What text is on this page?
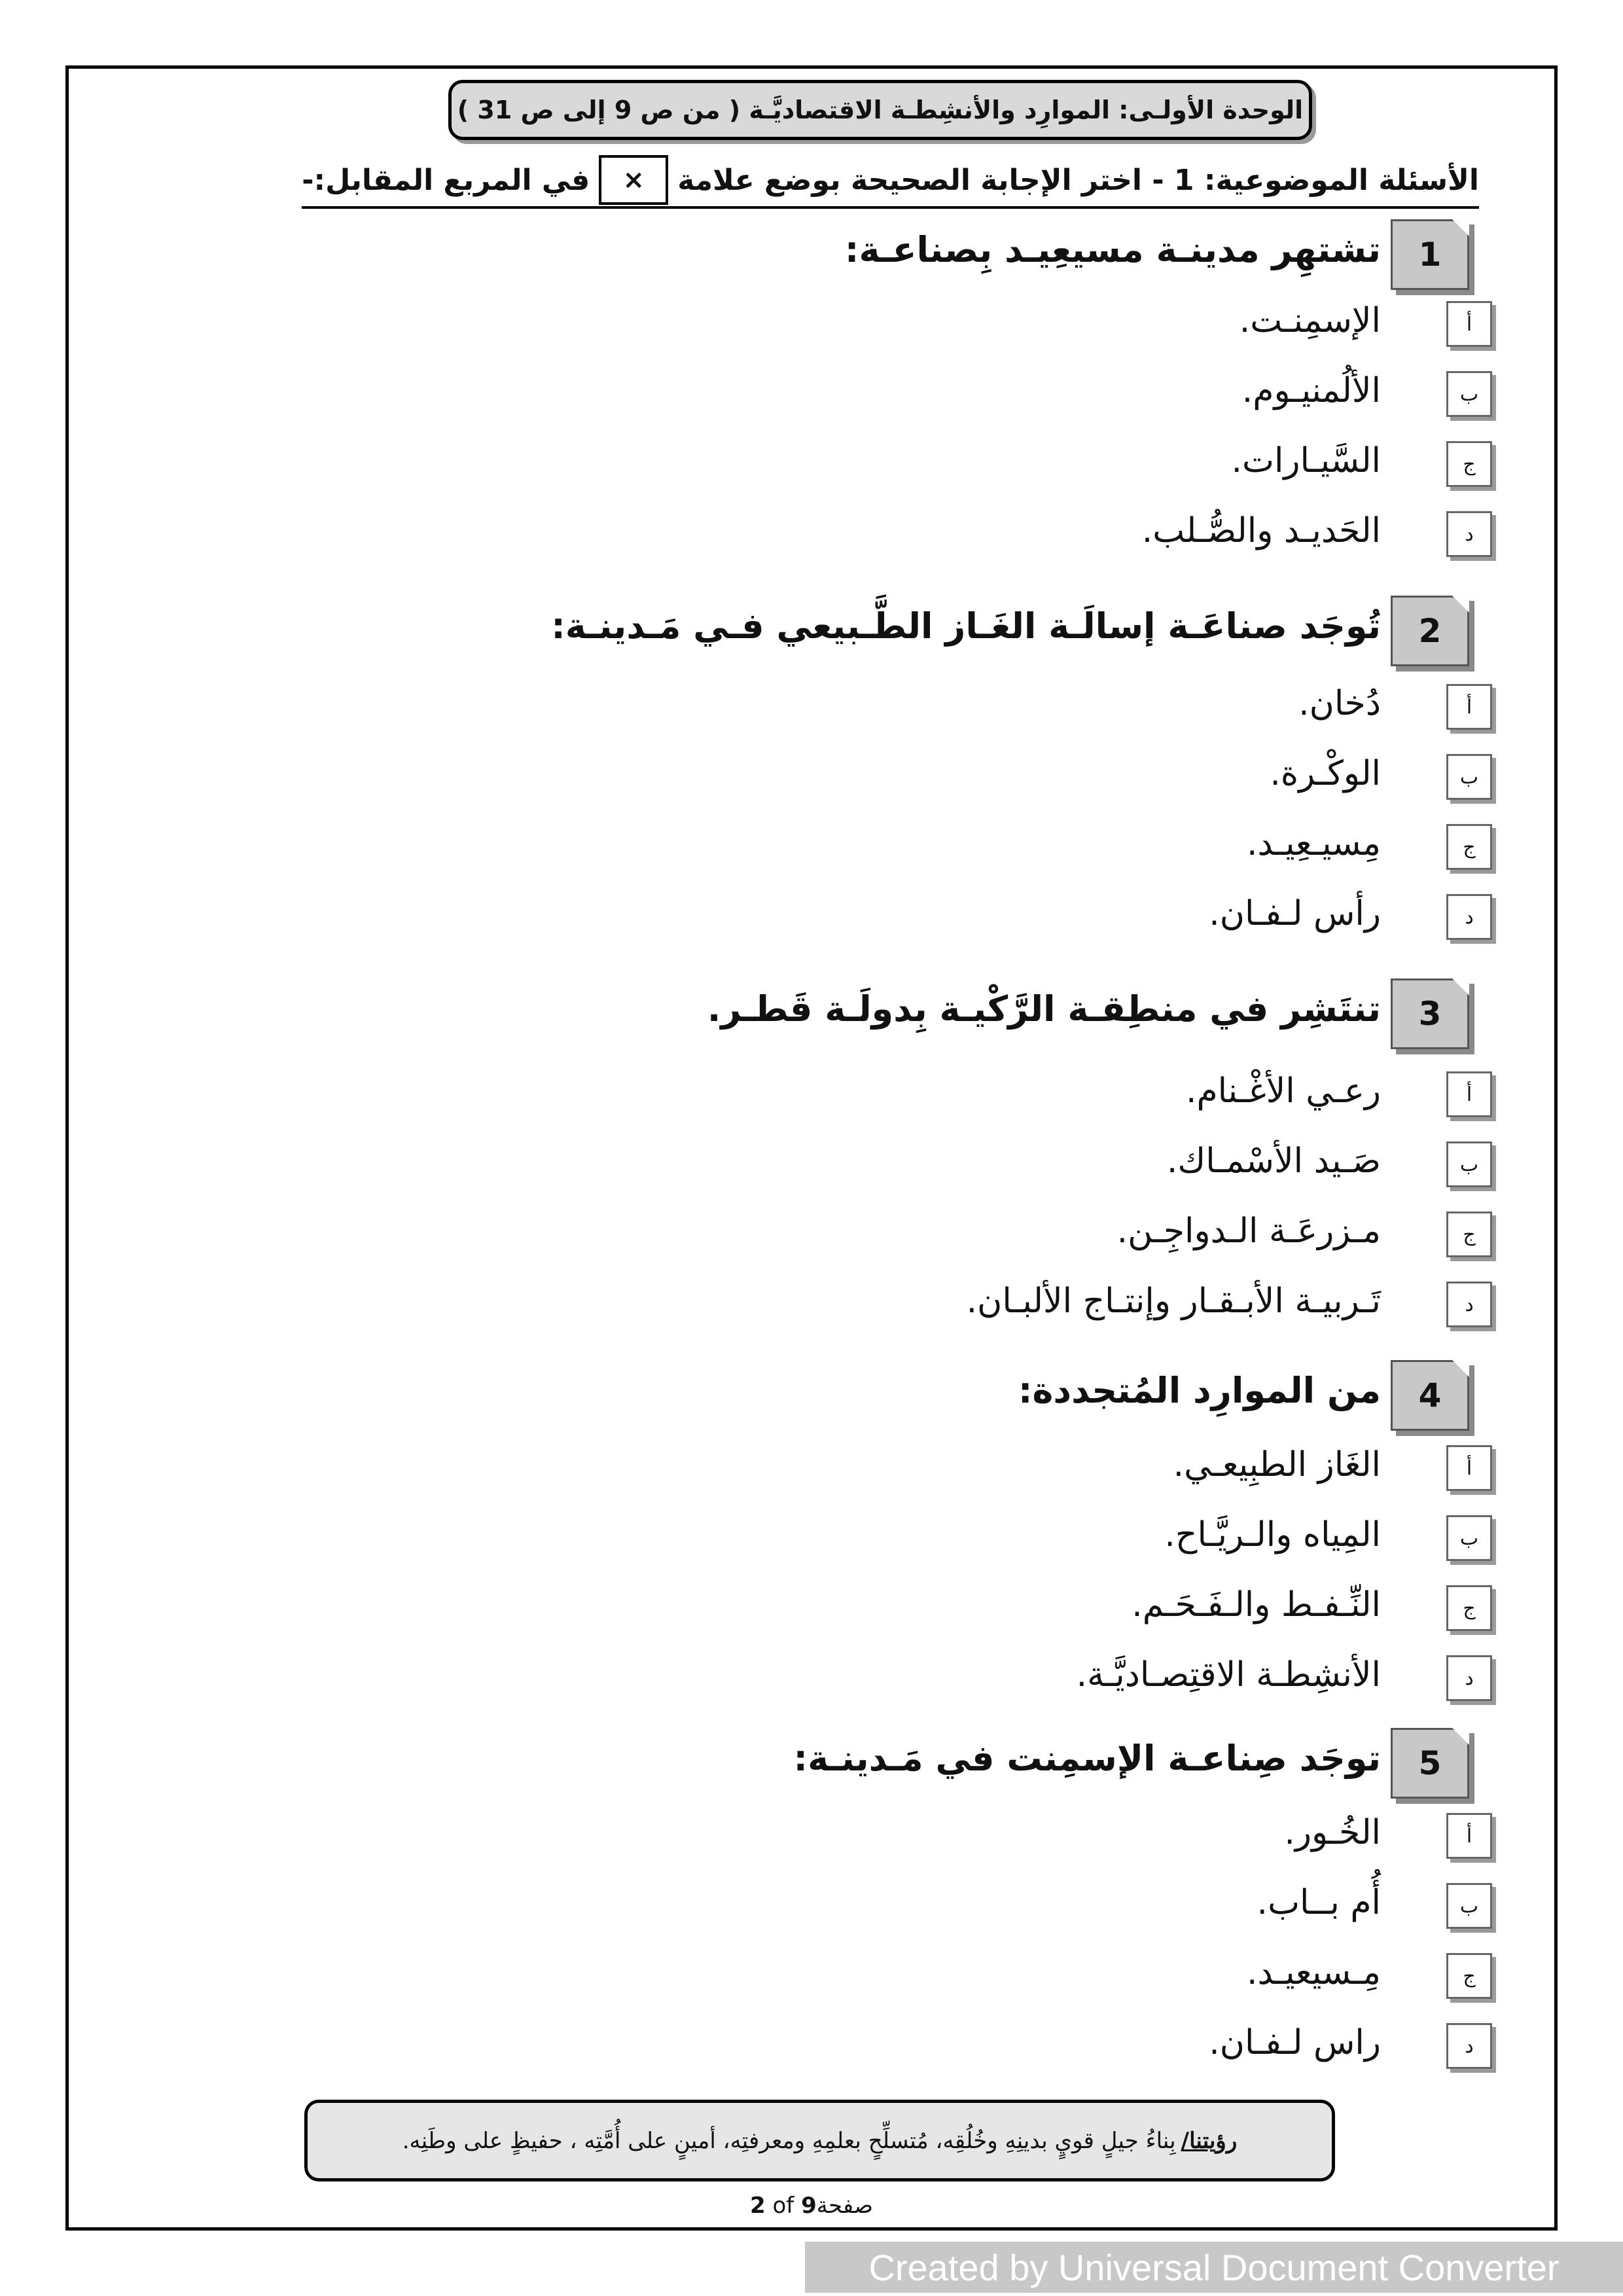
الوحدة الأولـى: الموارِد والأنشِطـة الاقتصاديَّـة ( من ص 9 إلى ص 31 )
الأسئلة الموضوعية: 1 - اختر الإجابة الصحيحة بوضع علامة
×
في المربع المقابل:-
1
تشتهِر مدينـة مسيعِيـد بِصناعـة:
أ
الإسمِنـت.
ب
الألُمنيـوم.
ج
السَّيـارات.
د
الحَديـد والصُّـلب.
2
تُوجَد صناعَـة إسالَـة الغَـاز الطَّـبيعي فـي مَـدينـة:
أ
دُخان.
ب
الوكْـرة.
ج
مِسيـعِيـد.
د
رأس لـفـان.
3
تنتَشِر في منطِقـة الرَّكْيـة بِدولَـة قَطـر.
أ
رعـي الأغْـنام.
ب
صَـيد الأسْمـاك.
ج
مـزرعَـة الـدواجِـن.
د
تَـربيـة الأبـقـار وإنتـاج الألبـان.
4
من الموارِد المُتجددة:
أ
الغَاز الطبِيعـي.
ب
المِياه والـريَّـاح.
ج
النِّـفـط والـفَـحَـم.
د
الأنشِطـة الاقتِصـاديَّـة.
5
توجَد صِناعـة الإسمِنت في مَـدينـة:
أ
الخُـور.
ب
أُم بــاب.
ج
مِـسيعيـد.
د
راس لـفـان.
رؤيتنا/
بِناءُ جيلٍ قويٍ بدينِهِ وخُلُقِه، مُتسلِّحٍ بعلمِهِ ومعرفتِه، أمينٍ على أُمَّتِه ، حفيظٍ على وطَنِه.
2 of 9صفحة
Created by Universal Document Converter
